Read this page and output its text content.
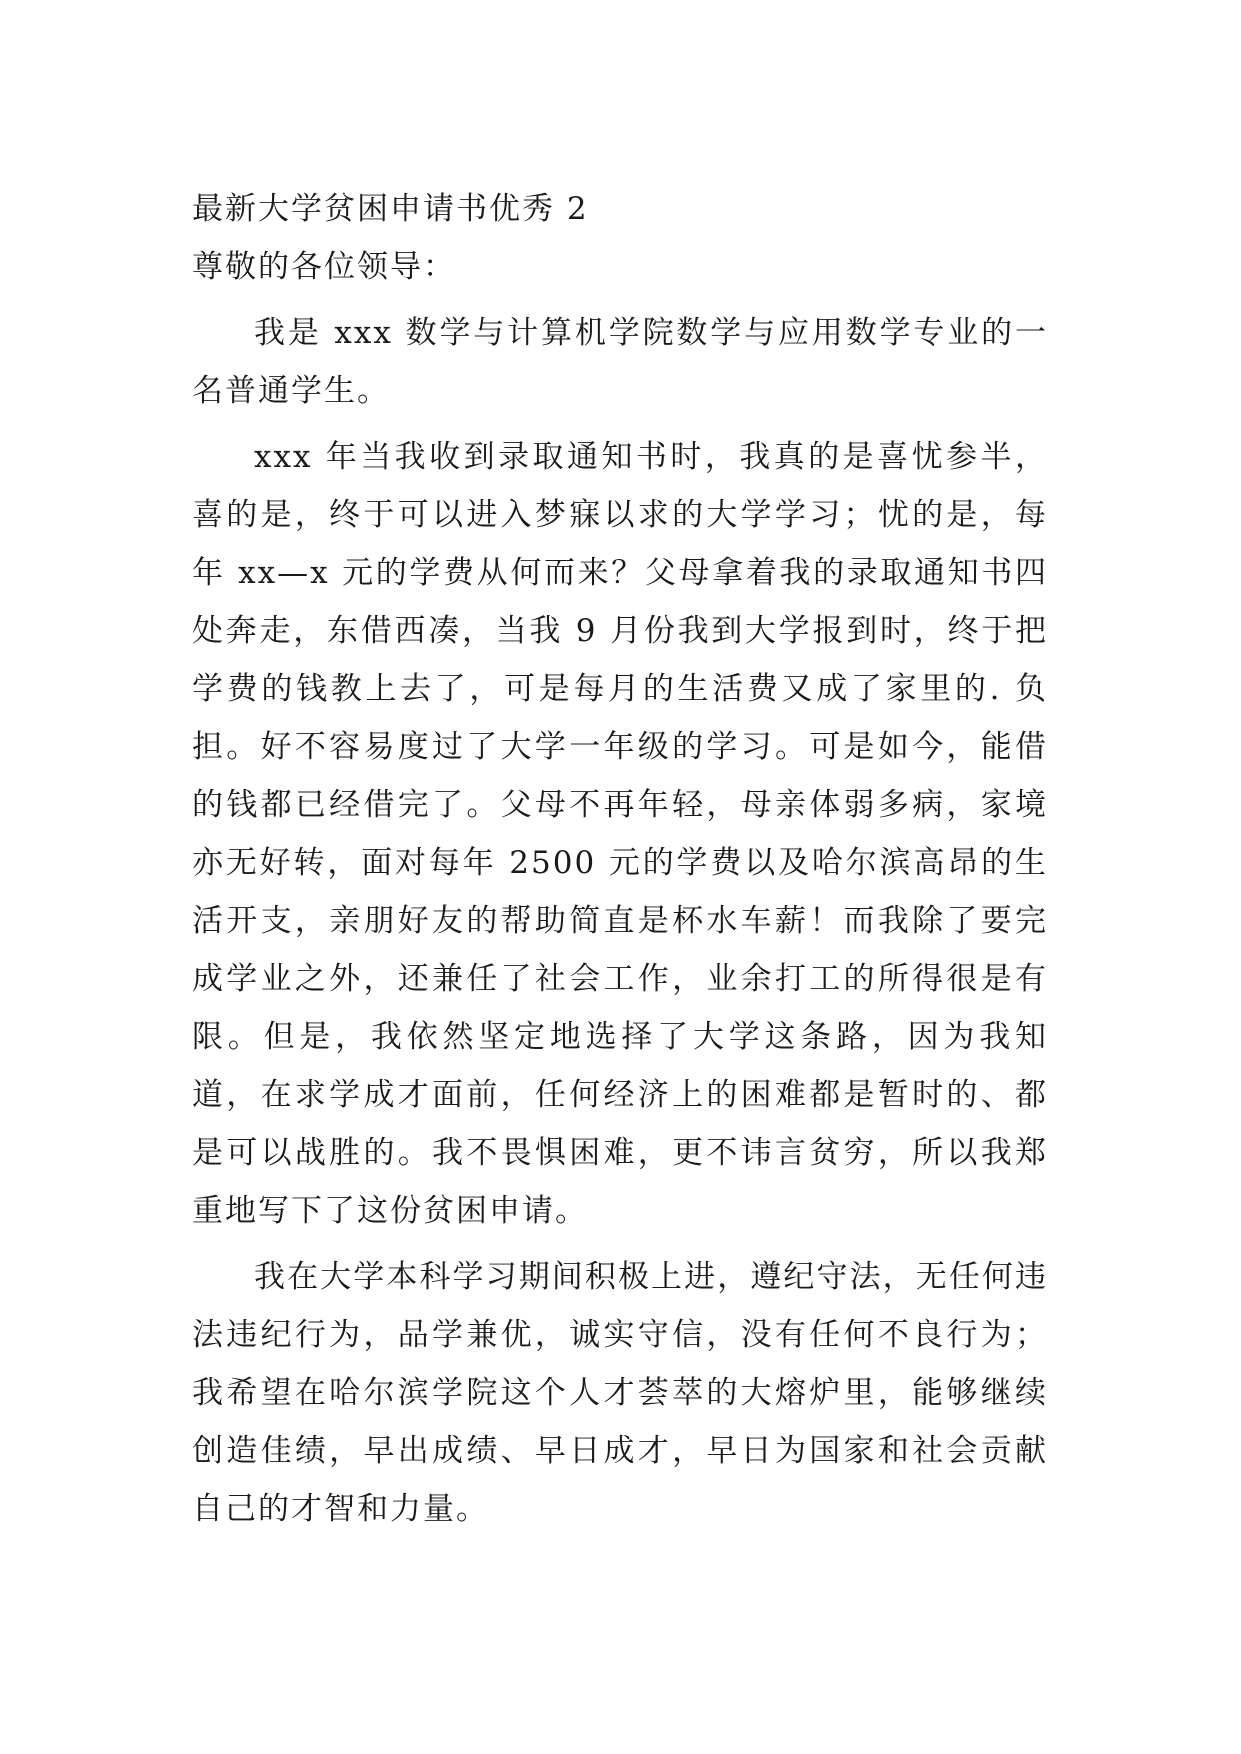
最新大学贫困申请书优秀 2

尊敬的各位领导：

我是 xxx 数学与计算机学院数学与应用数学专业的一名普通学生。

xxx 年当我收到录取通知书时，我真的是喜忧参半，喜的是，终于可以进入梦寐以求的大学学习；忧的是，每年 xx—x 元的学费从何而来？父母拿着我的录取通知书四处奔走，东借西凑，当我 9 月份我到大学报到时，终于把学费的钱教上去了，可是每月的生活费又成了家里的. 负担。好不容易度过了大学一年级的学习。可是如今，能借的钱都已经借完了。父母不再年轻，母亲体弱多病，家境亦无好转，面对每年 2500 元的学费以及哈尔滨高昂的生活开支，亲朋好友的帮助简直是杯水车薪！而我除了要完成学业之外，还兼任了社会工作，业余打工的所得很是有限。但是，我依然坚定地选择了大学这条路，因为我知道，在求学成才面前，任何经济上的困难都是暂时的、都是可以战胜的。我不畏惧困难，更不讳言贫穷，所以我郑重地写下了这份贫困申请。

我在大学本科学习期间积极上进，遵纪守法，无任何违法违纪行为，品学兼优，诚实守信，没有任何不良行为；我希望在哈尔滨学院这个人才荟萃的大熔炉里，能够继续创造佳绩，早出成绩、早日成才，早日为国家和社会贡献自己的才智和力量。
